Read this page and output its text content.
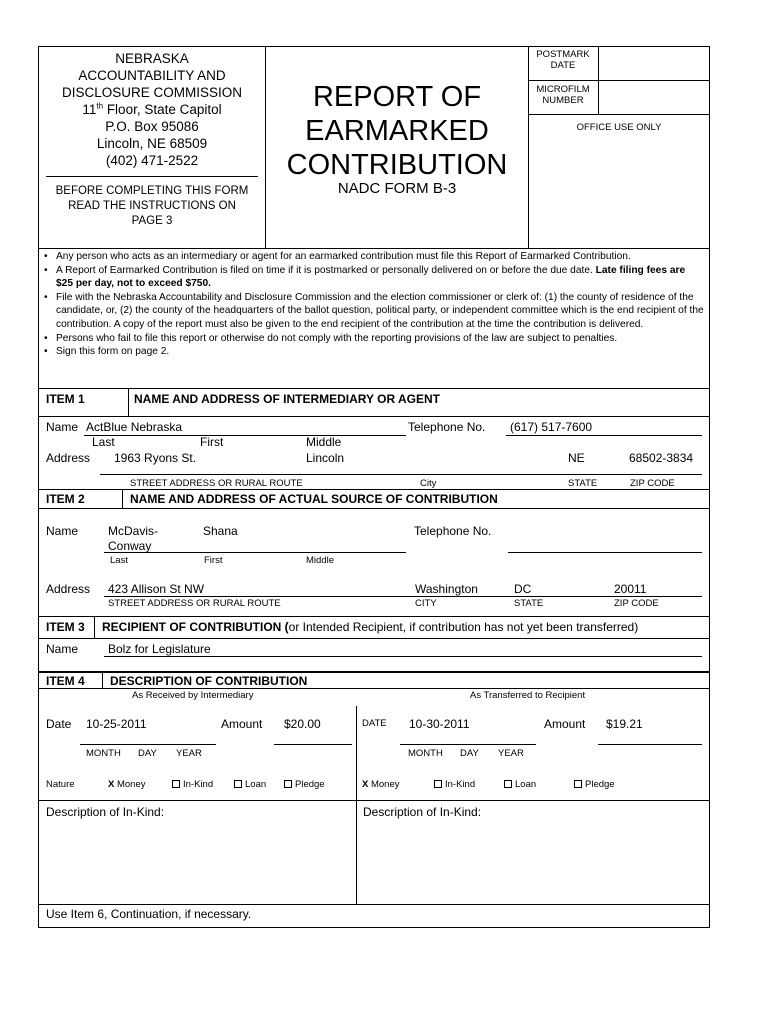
NEBRASKA
ACCOUNTABILITY AND
DISCLOSURE COMMISSION
11th Floor, State Capitol
P.O. Box 95086
Lincoln, NE 68509
(402) 471-2522
BEFORE COMPLETING THIS FORM
READ THE INSTRUCTIONS ON
PAGE 3
REPORT OF
EARMARKED
CONTRIBUTION
NADC FORM B-3
POSTMARK
DATE
MICROFILM
NUMBER
OFFICE USE ONLY
• Any person who acts as an intermediary or agent for an earmarked contribution must file this Report of Earmarked Contribution.
• A Report of Earmarked Contribution is filed on time if it is postmarked or personally delivered on or before the due date. Late filing fees are $25 per day, not to exceed $750.
• File with the Nebraska Accountability and Disclosure Commission and the election commissioner or clerk of: (1) the county of residence of the candidate, or, (2) the county of the headquarters of the ballot question, political party, or independent committee which is the end recipient of the contribution. A copy of the report must also be given to the end recipient of the contribution at the time the contribution is delivered.
• Persons who fail to file this report or otherwise do not comply with the reporting provisions of the law are subject to penalties.
• Sign this form on page 2.
ITEM 1	NAME AND ADDRESS OF INTERMEDIARY OR AGENT
Name ActBlue Nebraska	Telephone No. (617) 517-7600
Last	First	Middle
Address 1963 Ryons St.	Lincoln	NE	68502-3834
STREET ADDRESS OR RURAL ROUTE	City	STATE	ZIP CODE
ITEM 2	NAME AND ADDRESS OF ACTUAL SOURCE OF CONTRIBUTION
Name McDavis-
Conway
Shana	Telephone No.
Last	First	Middle
Address 423 Allison St NW	Washington	DC	20011
STREET ADDRESS OR RURAL ROUTE	CITY	STATE	ZIP CODE
ITEM 3 RECIPIENT OF CONTRIBUTION (or Intended Recipient, if contribution has not yet been transferred)
Name Bolz for Legislature
ITEM 4 DESCRIPTION OF CONTRIBUTION
As Received by Intermediary	As Transferred to Recipient
Date 10-25-2011	Amount $20.00
MONTH DAY YEAR
DATE 10-30-2011	Amount $19.21
MONTH DAY YEAR
Nature	X Money	In-Kind	Loan	Pledge	X Money	In-Kind	Loan	Pledge
Description of In-Kind:	Description of In-Kind:
Use Item 6, Continuation, if necessary.
